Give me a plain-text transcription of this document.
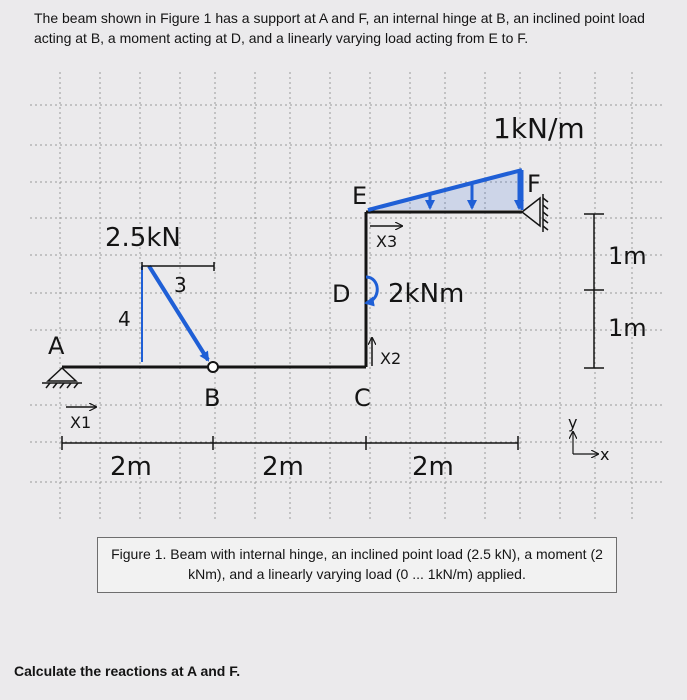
The beam shown in Figure 1 has a support at A and F, an internal hinge at B, an inclined point load acting at B, a moment acting at D, and a linearly varying load acting from E to F.

A
B	C
D
E	F
2.5kN
3
4
2kNm
1kN/m
X1
X3
X2
2m	2m	2m
1m
1m
y
x
Figure 1. Beam with internal hinge, an inclined point load (2.5 kN), a moment (2 kNm), and a linearly varying load (0 ... 1kN/m) applied.

Calculate the reactions at A and F.
